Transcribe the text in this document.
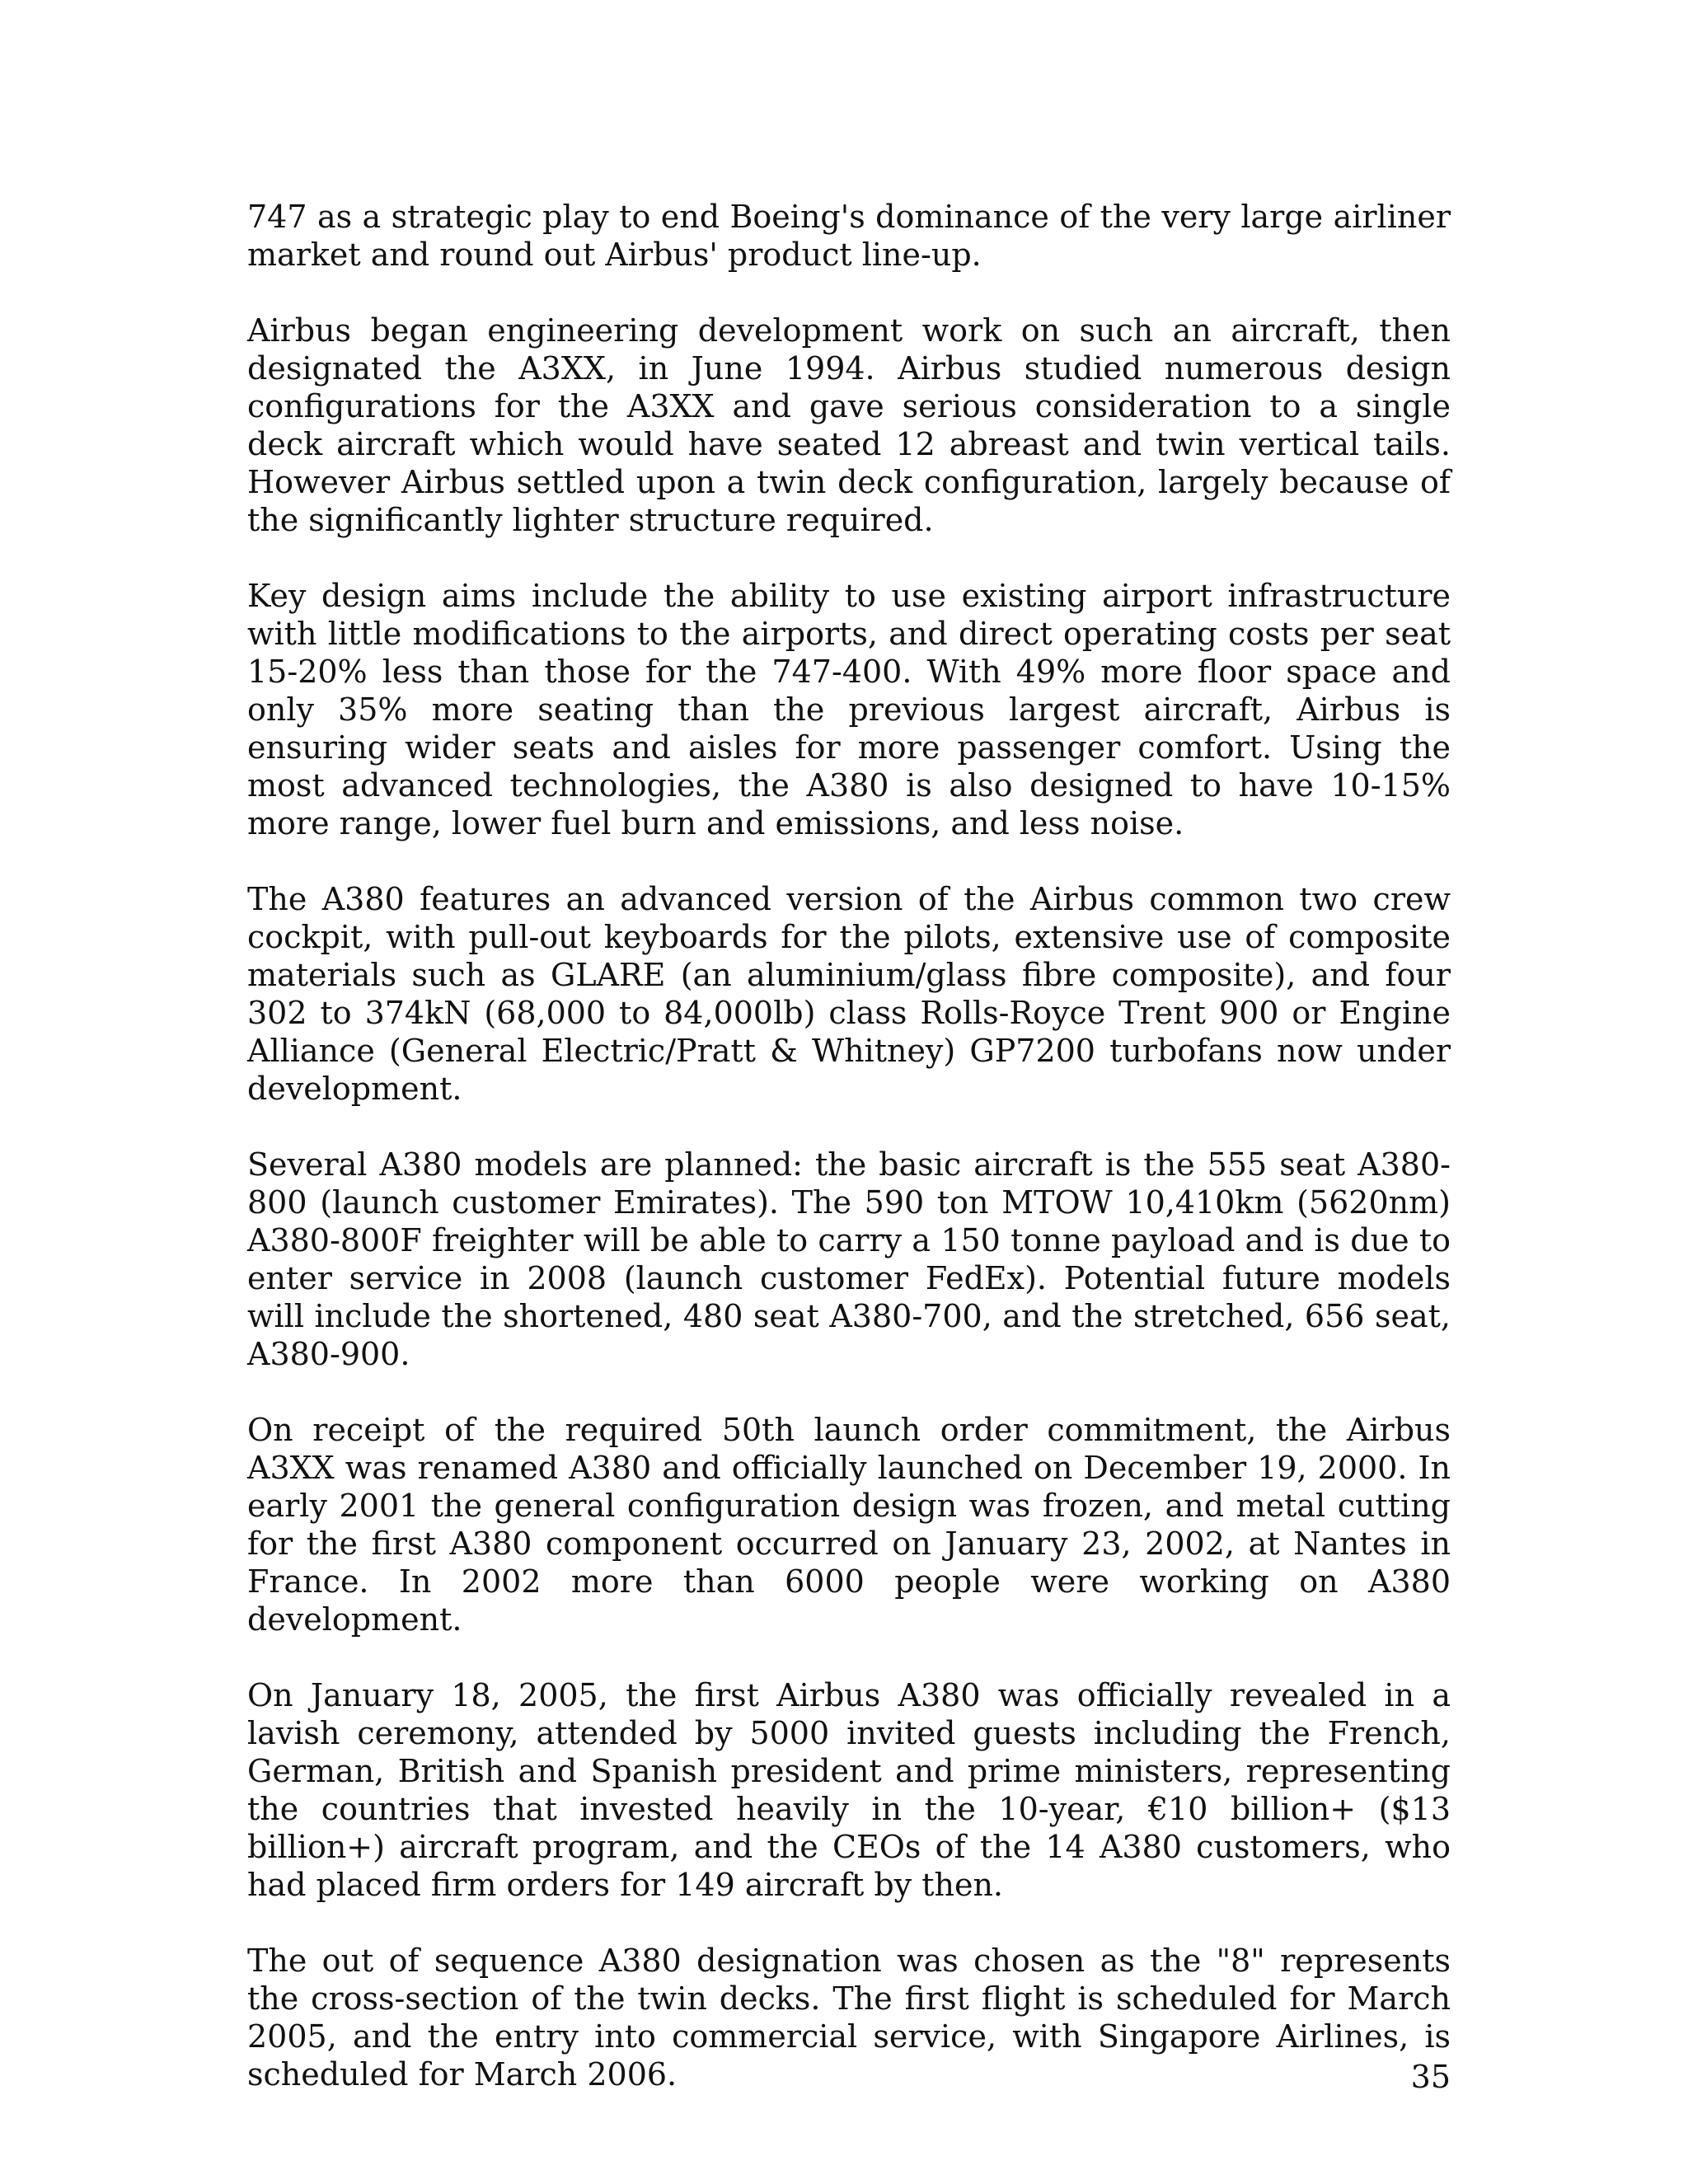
747 as a strategic play to end Boeing's dominance of the very large airliner market and round out Airbus' product line-up.

Airbus began engineering development work on such an aircraft, then designated the A3XX, in June 1994. Airbus studied numerous design configurations for the A3XX and gave serious consideration to a single deck aircraft which would have seated 12 abreast and twin vertical tails. However Airbus settled upon a twin deck configuration, largely because of the significantly lighter structure required.

Key design aims include the ability to use existing airport infrastructure with little modifications to the airports, and direct operating costs per seat 15-20% less than those for the 747-400. With 49% more floor space and only 35% more seating than the previous largest aircraft, Airbus is ensuring wider seats and aisles for more passenger comfort. Using the most advanced technologies, the A380 is also designed to have 10-15% more range, lower fuel burn and emissions, and less noise.

The A380 features an advanced version of the Airbus common two crew cockpit, with pull-out keyboards for the pilots, extensive use of composite materials such as GLARE (an aluminium/glass fibre composite), and four 302 to 374kN (68,000 to 84,000lb) class Rolls-Royce Trent 900 or Engine Alliance (General Electric/Pratt & Whitney) GP7200 turbofans now under development.

Several A380 models are planned: the basic aircraft is the 555 seat A380-800 (launch customer Emirates). The 590 ton MTOW 10,410km (5620nm) A380-800F freighter will be able to carry a 150 tonne payload and is due to enter service in 2008 (launch customer FedEx). Potential future models will include the shortened, 480 seat A380-700, and the stretched, 656 seat, A380-900.

On receipt of the required 50th launch order commitment, the Airbus A3XX was renamed A380 and officially launched on December 19, 2000. In early 2001 the general configuration design was frozen, and metal cutting for the first A380 component occurred on January 23, 2002, at Nantes in France. In 2002 more than 6000 people were working on A380 development.

On January 18, 2005, the first Airbus A380 was officially revealed in a lavish ceremony, attended by 5000 invited guests including the French, German, British and Spanish president and prime ministers, representing the countries that invested heavily in the 10-year, €10 billion+ ($13 billion+) aircraft program, and the CEOs of the 14 A380 customers, who had placed firm orders for 149 aircraft by then.

The out of sequence A380 designation was chosen as the "8" represents the cross-section of the twin decks. The first flight is scheduled for March 2005, and the entry into commercial service, with Singapore Airlines, is scheduled for March 2006.	35
